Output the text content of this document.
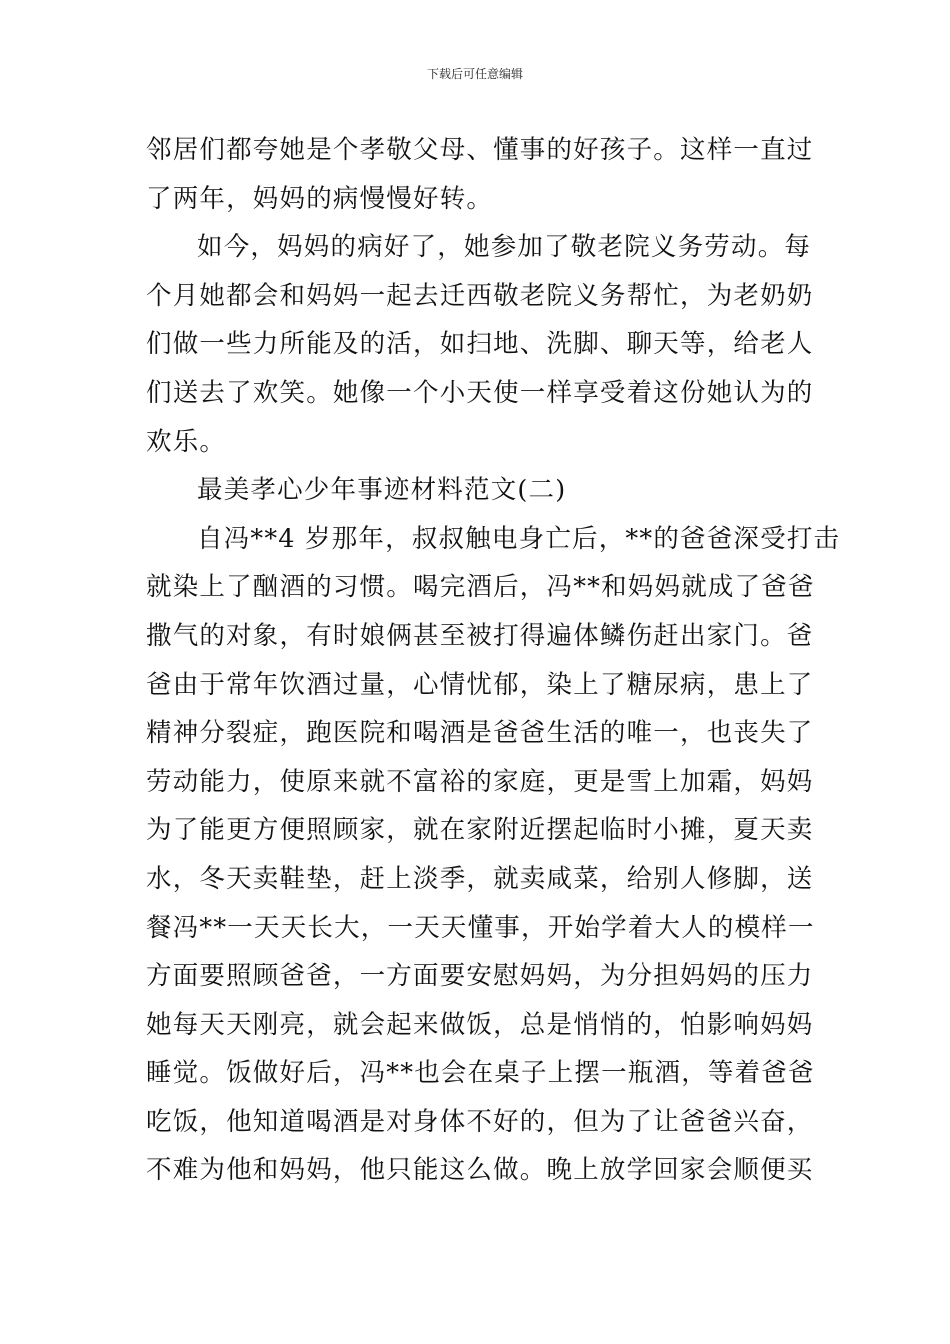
下载后可任意编辑
邻居们都夸她是个孝敬父母、懂事的好孩子。这样一直过
了两年，妈妈的病慢慢好转。
如今，妈妈的病好了，她参加了敬老院义务劳动。每
个月她都会和妈妈一起去迁西敬老院义务帮忙，为老奶奶
们做一些力所能及的活，如扫地、洗脚、聊天等，给老人
们送去了欢笑。她像一个小天使一样享受着这份她认为的
欢乐。
最美孝心少年事迹材料范文(二)
自冯**4 岁那年，叔叔触电身亡后，**的爸爸深受打击
就染上了酗酒的习惯。喝完酒后，冯**和妈妈就成了爸爸
撒气的对象，有时娘俩甚至被打得遍体鳞伤赶出家门。爸
爸由于常年饮酒过量，心情忧郁，染上了糖尿病，患上了
精神分裂症，跑医院和喝酒是爸爸生活的唯一，也丧失了
劳动能力，使原来就不富裕的家庭，更是雪上加霜，妈妈
为了能更方便照顾家，就在家附近摆起临时小摊，夏天卖
水，冬天卖鞋垫，赶上淡季，就卖咸菜，给别人修脚，送
餐冯**一天天长大，一天天懂事，开始学着大人的模样一
方面要照顾爸爸，一方面要安慰妈妈，为分担妈妈的压力
她每天天刚亮，就会起来做饭，总是悄悄的，怕影响妈妈
睡觉。饭做好后，冯**也会在桌子上摆一瓶酒，等着爸爸
吃饭，他知道喝酒是对身体不好的，但为了让爸爸兴奋，
不难为他和妈妈，他只能这么做。晚上放学回家会顺便买
